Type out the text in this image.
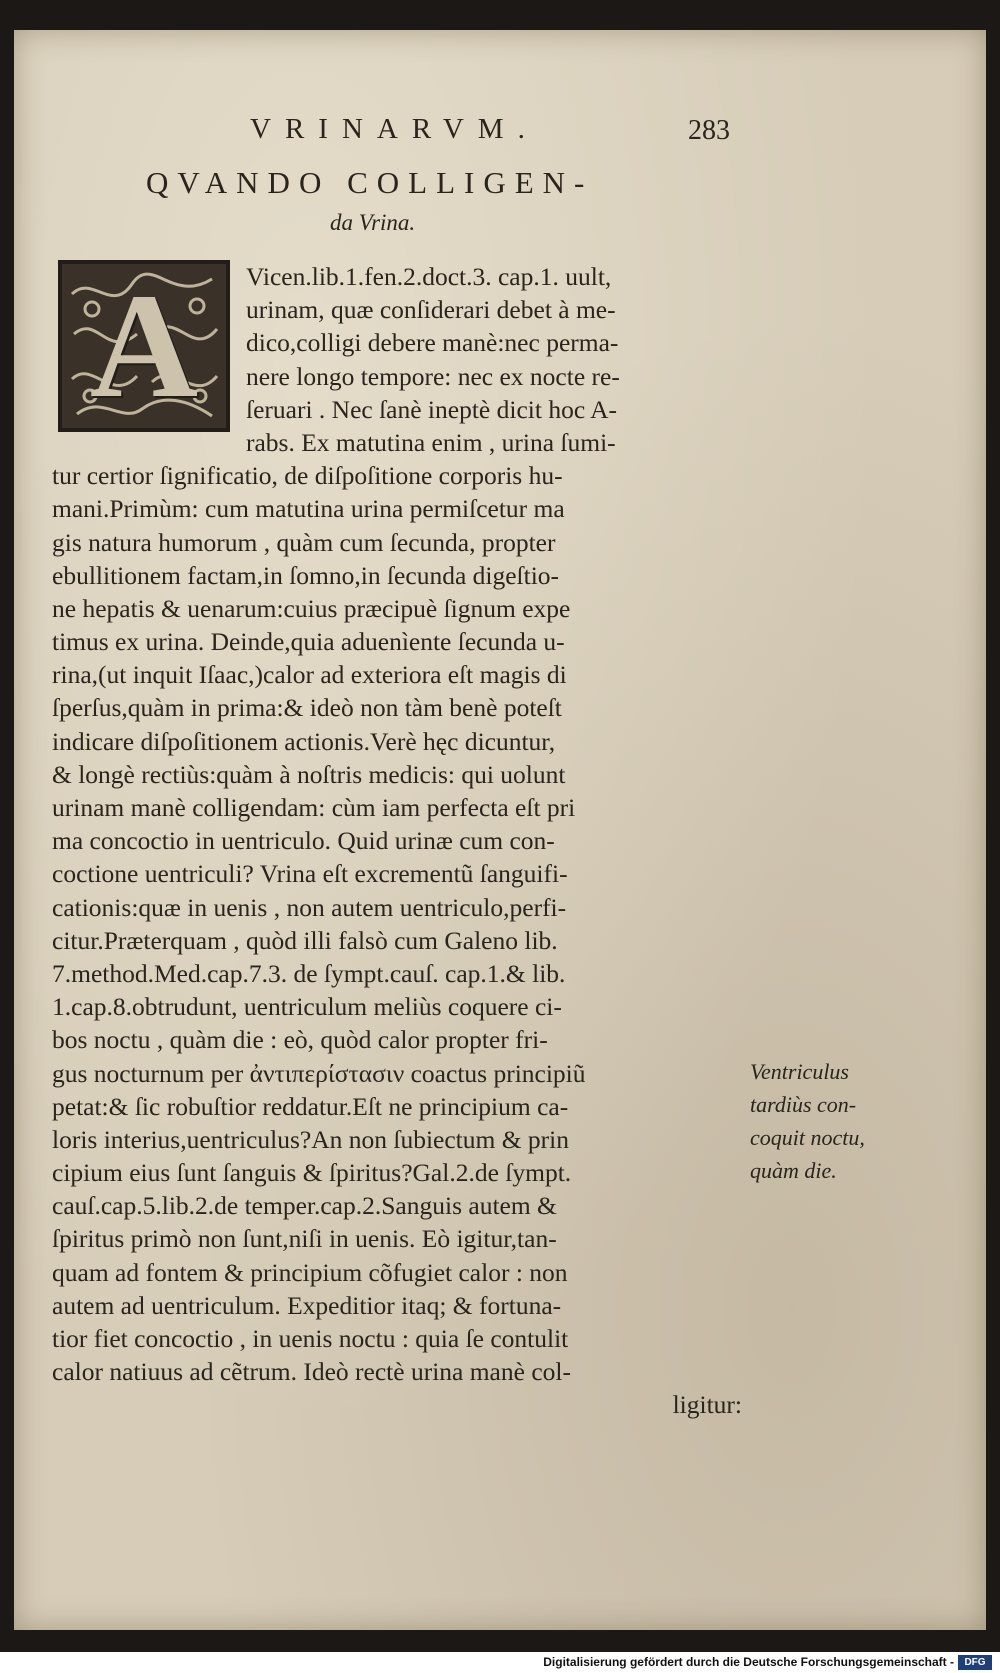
VRINARVM.	283
QVANDO COLLIGEN-
da Vrina.
A	Vicen.lib.1.fen.2.doct.3. cap.1. uult,
urinam, quæ conſiderari debet à me-
dico,colligi debere manè:nec perma-
nere longo tempore: nec ex nocte re-
ſeruari . Nec ſanè ineptè dicit hoc A-
rabs. Ex matutina enim , urina ſumi-
tur certior ſignificatio, de diſpoſitione corporis hu-
mani.Primùm: cum matutina urina permiſcetur ma
gis natura humorum , quàm cum ſecunda, propter
ebullitionem factam,in ſomno,in ſecunda digeſtio-
ne hepatis & uenarum:cuius præcipuè ſignum expe
timus ex urina. Deinde,quia aduenìente ſecunda u-
rina,(ut inquit Iſaac,)calor ad exteriora eſt magis di
ſperſus,quàm in prima:& ideò non tàm benè poteſt
indicare diſpoſitionem actionis.Verè hęc dicuntur,
& longè rectiùs:quàm à noſtris medicis: qui uolunt
urinam manè colligendam: cùm iam perfecta eſt pri
ma concoctio in uentriculo. Quid urinæ cum con-
coctione uentriculi? Vrina eſt excrementũ ſanguifi-
cationis:quæ in uenis , non autem uentriculo,perfi-
citur.Præterquam , quòd illi falsò cum Galeno lib.
7.method.Med.cap.7.3. de ſympt.cauſ. cap.1.& lib.
1.cap.8.obtrudunt, uentriculum meliùs coquere ci-
bos noctu , quàm die : eò, quòd calor propter fri-
gus nocturnum per ἀντιπερίστασιν coactus principiũ
petat:& ſic robuſtior reddatur.Eſt ne principium ca-
loris interius,uentriculus?An non ſubiectum & prin
cipium eius ſunt ſanguis & ſpiritus?Gal.2.de ſympt.
cauſ.cap.5.lib.2.de temper.cap.2.Sanguis autem &
ſpiritus primò non ſunt,niſi in uenis. Eò igitur,tan-
quam ad fontem & principium cõfugiet calor : non
autem ad uentriculum. Expeditior itaq; & fortuna-
tior fiet concoctio , in uenis noctu : quia ſe contulit
calor natiuus ad cẽtrum. Ideò rectè urina manè col-
ligitur:
Ventriculus
tardiùs con-
coquit noctu,
quàm die.
Digitalisierung gefördert durch die Deutsche Forschungsgemeinschaft -	DFG
